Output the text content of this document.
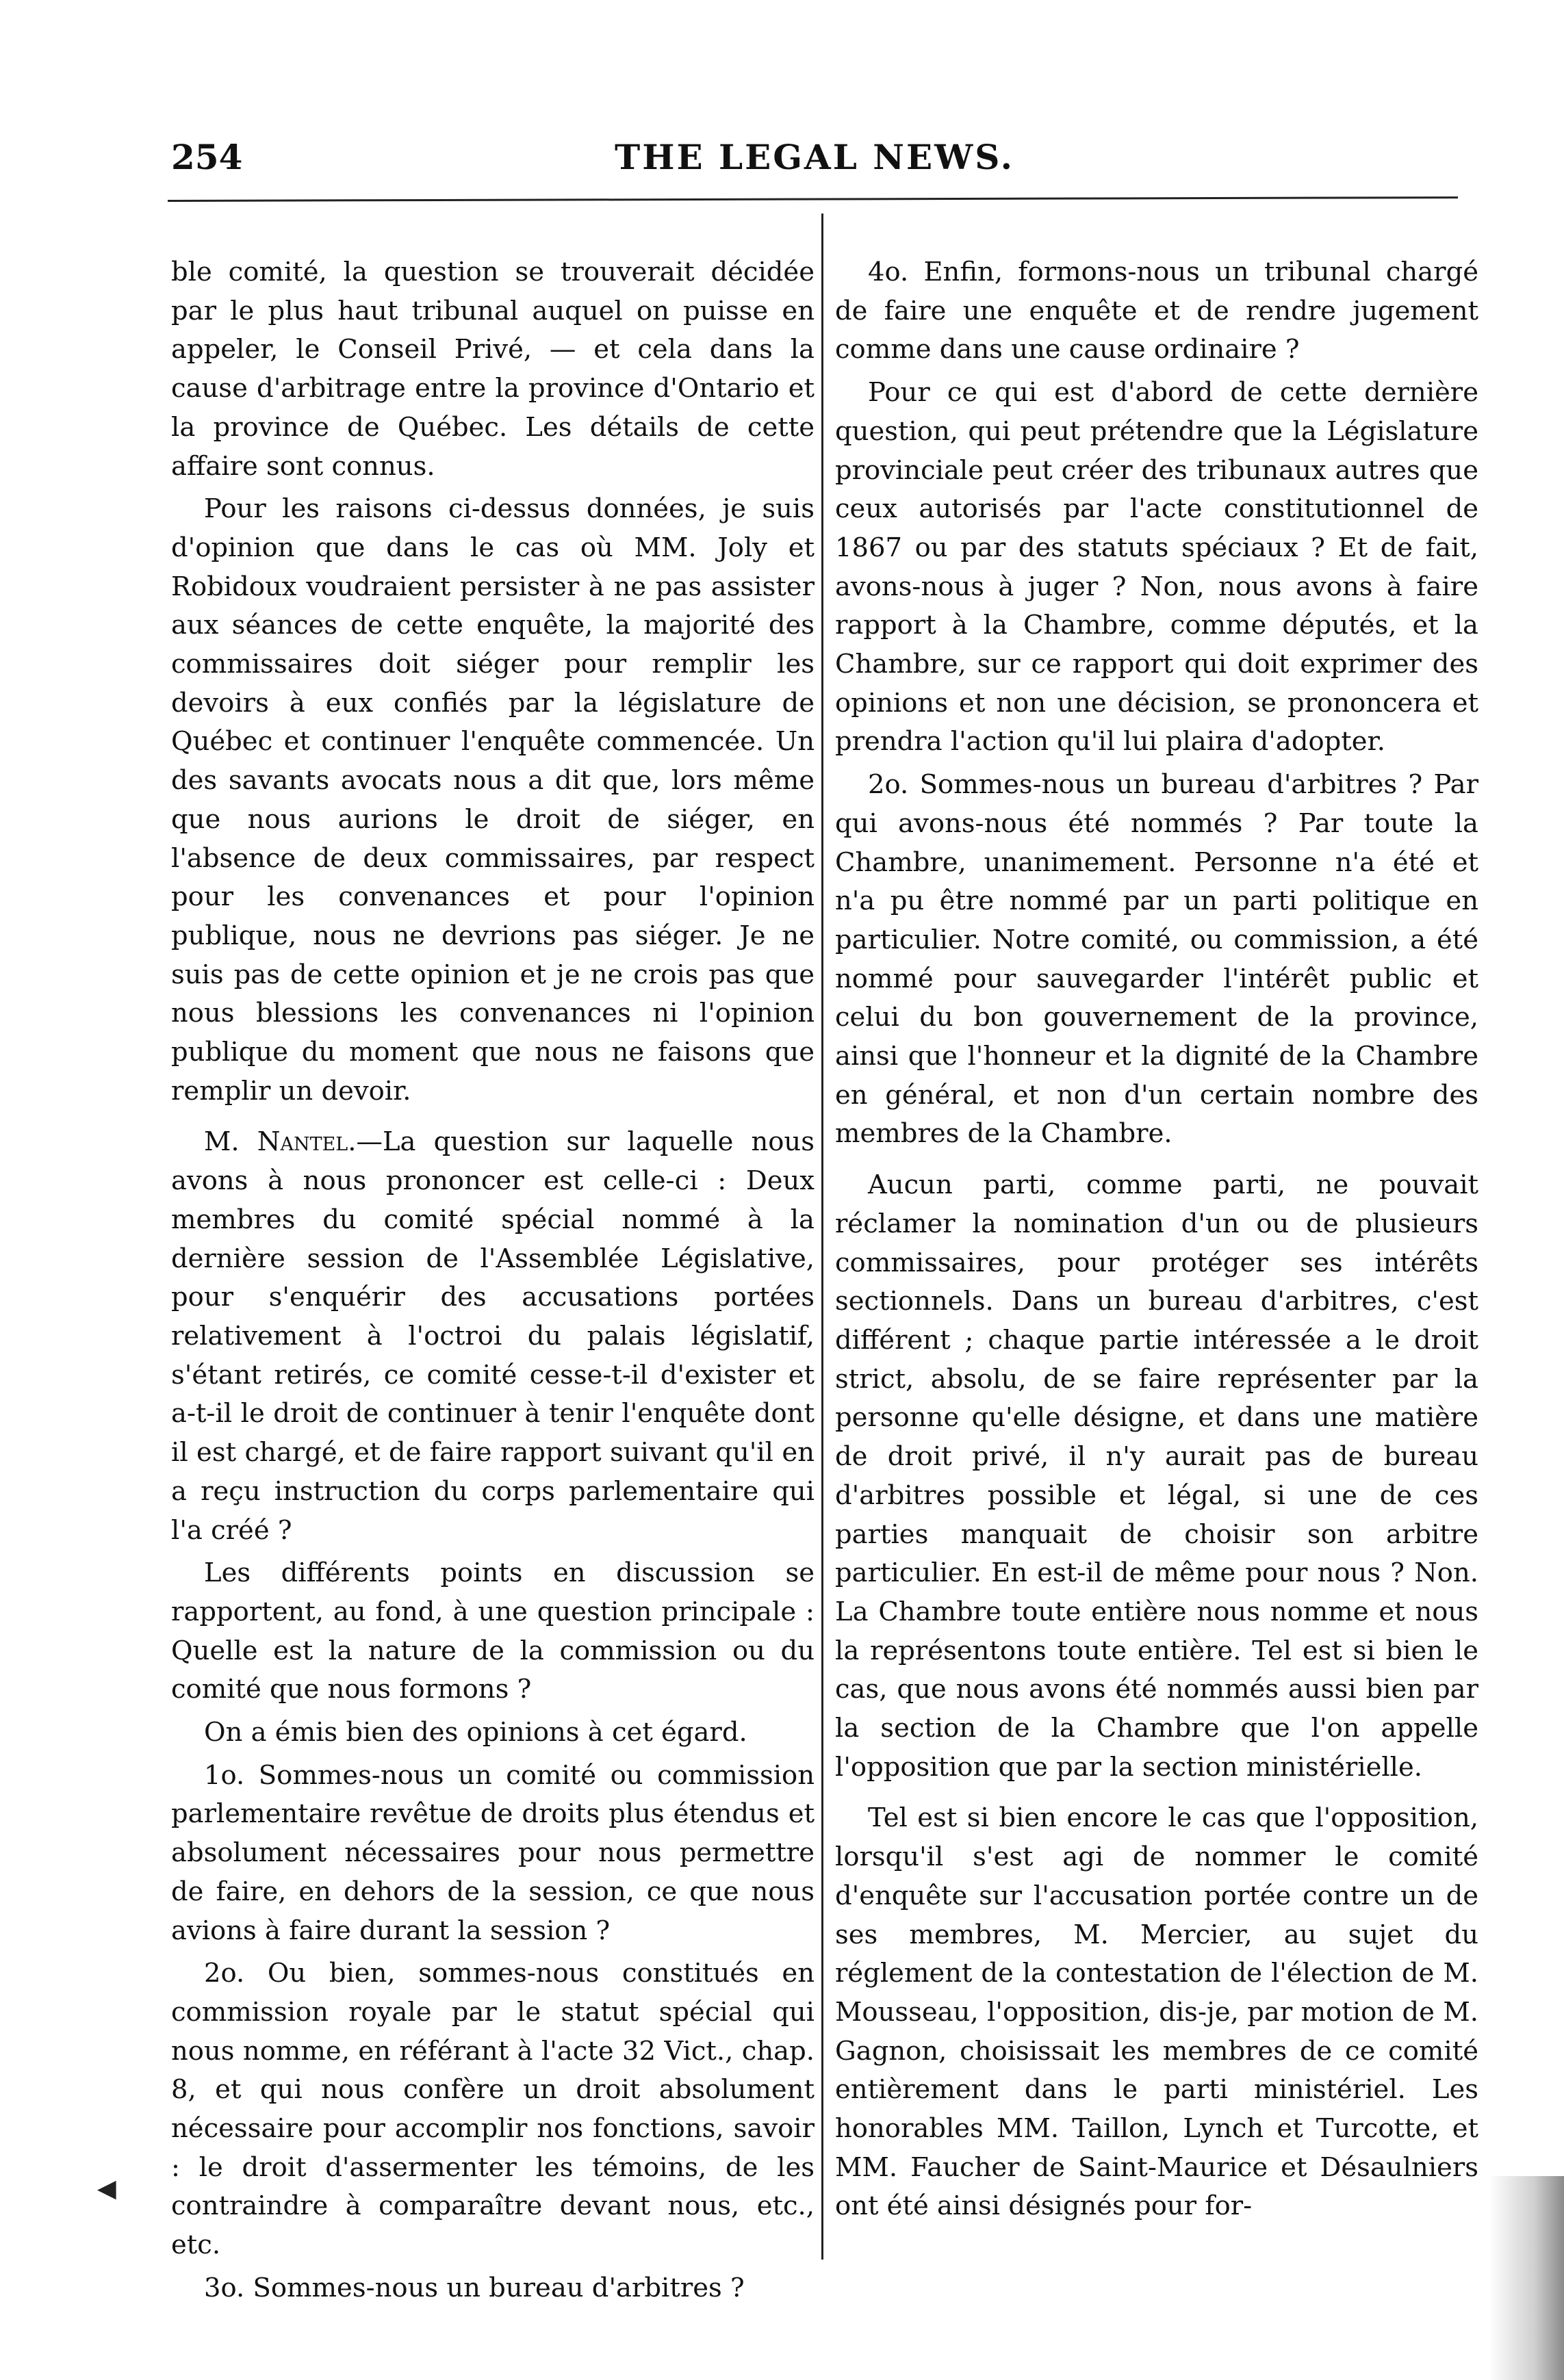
254	THE LEGAL NEWS.

ble comité, la question se trouverait décidée par le plus haut tribunal auquel on puisse en appeler, le Conseil Privé, — et cela dans la cause d'arbitrage entre la province d'Ontario et la province de Québec. Les détails de cette affaire sont connus.

Pour les raisons ci-dessus données, je suis d'opinion que dans le cas où MM. Joly et Robidoux voudraient persister à ne pas assister aux séances de cette enquête, la majorité des commissaires doit siéger pour remplir les devoirs à eux confiés par la législature de Québec et continuer l'enquête commencée. Un des savants avocats nous a dit que, lors même que nous aurions le droit de siéger, en l'absence de deux commissaires, par respect pour les convenances et pour l'opinion publique, nous ne devrions pas siéger. Je ne suis pas de cette opinion et je ne crois pas que nous blessions les convenances ni l'opinion publique du moment que nous ne faisons que remplir un devoir.

M. Nantel.—La question sur laquelle nous avons à nous prononcer est celle-ci : Deux membres du comité spécial nommé à la dernière session de l'Assemblée Législative, pour s'enquérir des accusations portées relativement à l'octroi du palais législatif, s'étant retirés, ce comité cesse-t-il d'exister et a-t-il le droit de continuer à tenir l'enquête dont il est chargé, et de faire rapport suivant qu'il en a reçu instruction du corps parlementaire qui l'a créé ?

Les différents points en discussion se rapportent, au fond, à une question principale : Quelle est la nature de la commission ou du comité que nous formons ?

On a émis bien des opinions à cet égard.

1o. Sommes-nous un comité ou commission parlementaire revêtue de droits plus étendus et absolument nécessaires pour nous permettre de faire, en dehors de la session, ce que nous avions à faire durant la session ?

2o. Ou bien, sommes-nous constitués en commission royale par le statut spécial qui nous nomme, en référant à l'acte 32 Vict., chap. 8, et qui nous confère un droit absolument nécessaire pour accomplir nos fonctions, savoir : le droit d'assermenter les témoins, de les contraindre à comparaître devant nous, etc., etc.

3o. Sommes-nous un bureau d'arbitres ?

4o. Enfin, formons-nous un tribunal chargé de faire une enquête et de rendre jugement comme dans une cause ordinaire ?

Pour ce qui est d'abord de cette dernière question, qui peut prétendre que la Législature provinciale peut créer des tribunaux autres que ceux autorisés par l'acte constitutionnel de 1867 ou par des statuts spéciaux ? Et de fait, avons-nous à juger ? Non, nous avons à faire rapport à la Chambre, comme députés, et la Chambre, sur ce rapport qui doit exprimer des opinions et non une décision, se prononcera et prendra l'action qu'il lui plaira d'adopter.

2o. Sommes-nous un bureau d'arbitres ? Par qui avons-nous été nommés ? Par toute la Chambre, unanimement. Personne n'a été et n'a pu être nommé par un parti politique en particulier. Notre comité, ou commission, a été nommé pour sauvegarder l'intérêt public et celui du bon gouvernement de la province, ainsi que l'honneur et la dignité de la Chambre en général, et non d'un certain nombre des membres de la Chambre.

Aucun parti, comme parti, ne pouvait réclamer la nomination d'un ou de plusieurs commissaires, pour protéger ses intérêts sectionnels. Dans un bureau d'arbitres, c'est différent ; chaque partie intéressée a le droit strict, absolu, de se faire représenter par la personne qu'elle désigne, et dans une matière de droit privé, il n'y aurait pas de bureau d'arbitres possible et légal, si une de ces parties manquait de choisir son arbitre particulier. En est-il de même pour nous ? Non. La Chambre toute entière nous nomme et nous la représentons toute entière. Tel est si bien le cas, que nous avons été nommés aussi bien par la section de la Chambre que l'on appelle l'opposition que par la section ministérielle.

Tel est si bien encore le cas que l'opposition, lorsqu'il s'est agi de nommer le comité d'enquête sur l'accusation portée contre un de ses membres, M. Mercier, au sujet du réglement de la contestation de l'élection de M. Mousseau, l'opposition, dis-je, par motion de M. Gagnon, choisissait les membres de ce comité entièrement dans le parti ministériel. Les honorables MM. Taillon, Lynch et Turcotte, et MM. Faucher de Saint-Maurice et Désaulniers ont été ainsi désignés pour for-

◀
